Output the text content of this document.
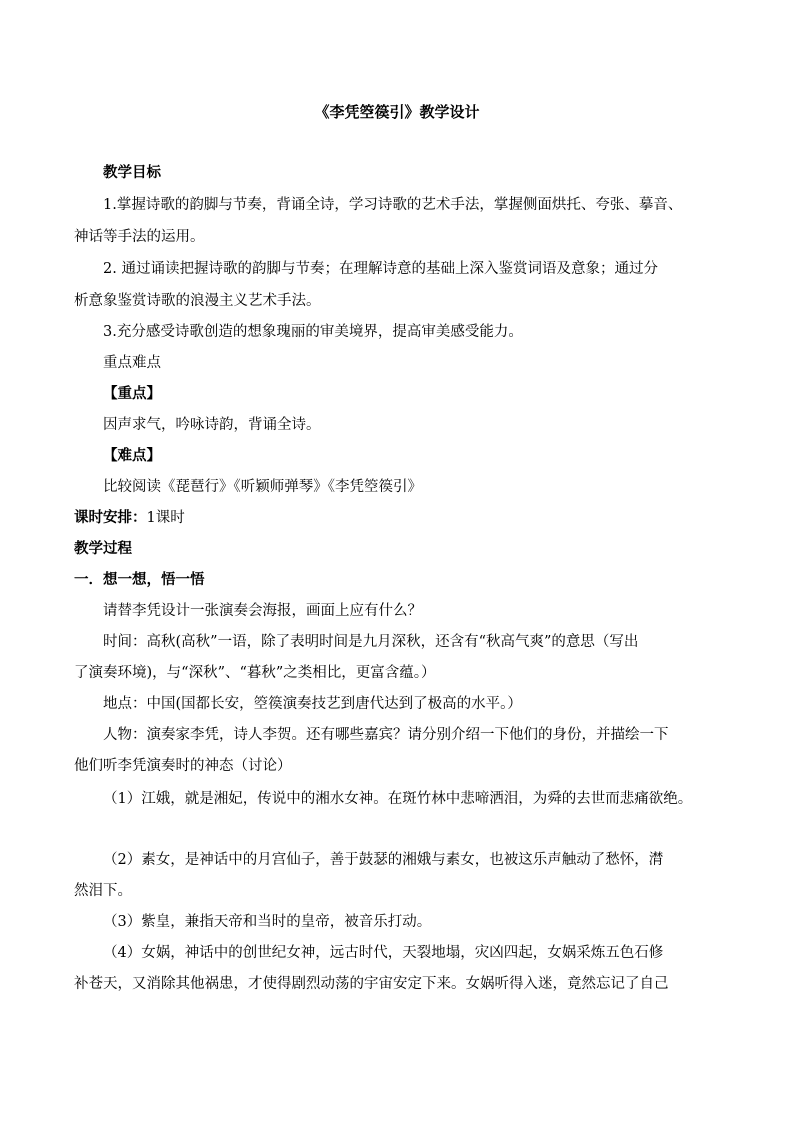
《李凭箜篌引》教学设计
教学目标
1.掌握诗歌的韵脚与节奏，背诵全诗，学习诗歌的艺术手法，掌握侧面烘托、夸张、摹音、
神话等手法的运用。
2. 通过诵读把握诗歌的韵脚与节奏；在理解诗意的基础上深入鉴赏词语及意象；通过分
析意象鉴赏诗歌的浪漫主义艺术手法。
3.充分感受诗歌创造的想象瑰丽的审美境界，提高审美感受能力。
重点难点
【重点】
因声求气，吟咏诗韵，背诵全诗。
【难点】
比较阅读《琵琶行》《听颖师弹琴》《李凭箜篌引》
课时安排：1课时
教学过程
一．想一想，悟一悟
请替李凭设计一张演奏会海报，画面上应有什么？
时间：高秋(高秋”一语，除了表明时间是九月深秋，还含有“秋高气爽”的意思（写出
了演奏环境)，与“深秋”、“暮秋”之类相比，更富含蕴。）
地点：中国(国都长安，箜篌演奏技艺到唐代达到了极高的水平。）
人物：演奏家李凭，诗人李贺。还有哪些嘉宾？请分别介绍一下他们的身份，并描绘一下
他们听李凭演奏时的神态（讨论）
（1）江娥，就是湘妃，传说中的湘水女神。在斑竹林中悲啼洒泪，为舜的去世而悲痛欲绝。
（2）素女，是神话中的月宫仙子，善于鼓瑟的湘娥与素女，也被这乐声触动了愁怀，潸
然泪下。
（3）紫皇，兼指天帝和当时的皇帝，被音乐打动。
（4）女娲，神话中的创世纪女神，远古时代，天裂地塌，灾凶四起，女娲采炼五色石修
补苍天，又消除其他祸患，才使得剧烈动荡的宇宙安定下来。女娲听得入迷，竟然忘记了自己
